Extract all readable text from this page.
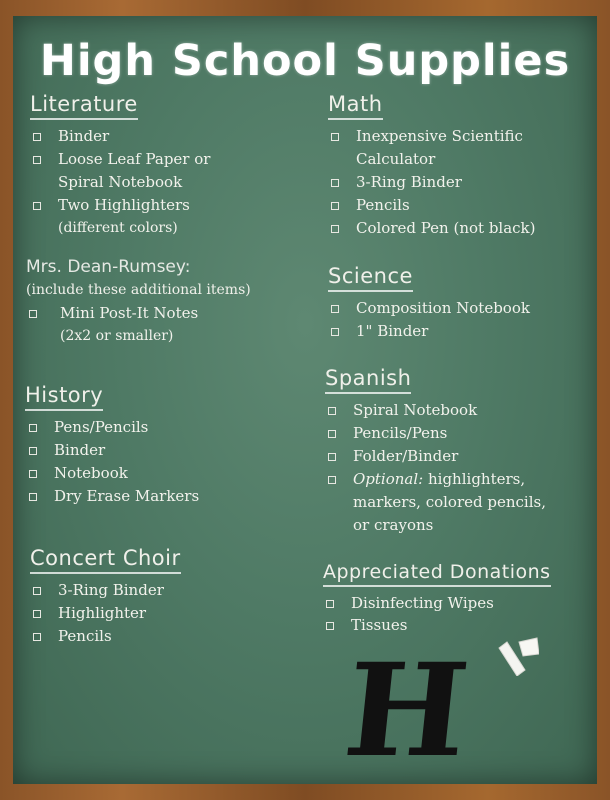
High School Supplies
Literature
Binder
Loose Leaf Paper or
Spiral Notebook
Two Highlighters
(different colors)
Mrs. Dean-Rumsey:
(include these additional items)
Mini Post-It Notes
(2x2 or smaller)
History
Pens/Pencils
Binder
Notebook
Dry Erase Markers
Concert Choir
3-Ring Binder
Highlighter
Pencils
Math
Inexpensive Scientific
Calculator
3-Ring Binder
Pencils
Colored Pen (not black)
Science
Composition Notebook
1" Binder
Spanish
Spiral Notebook
Pencils/Pens
Folder/Binder
Optional: highlighters,
markers, colored pencils,
or crayons
Appreciated Donations
Disinfecting Wipes
Tissues
H
